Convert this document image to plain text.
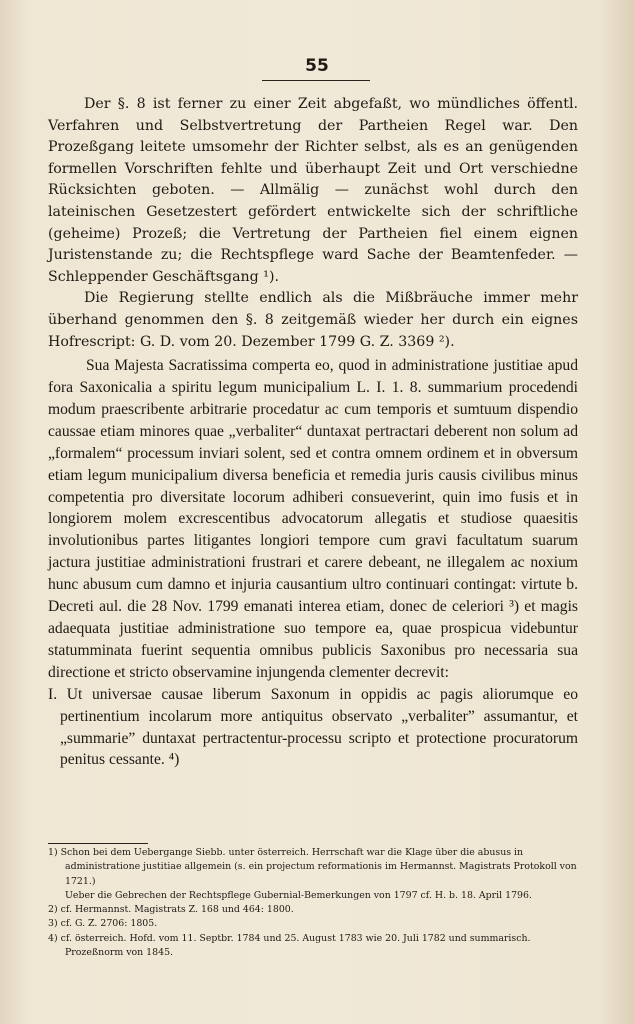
55

Der §. 8 ist ferner zu einer Zeit abgefaßt, wo mündliches öffentl. Verfahren und Selbstvertretung der Partheien Regel war. Den Prozeßgang leitete umsomehr der Richter selbst, als es an genügenden formellen Vorschriften fehlte und überhaupt Zeit und Ort verschiedne Rücksichten geboten. — Allmälig — zunächst wohl durch den lateinischen Gesetzestert gefördert entwickelte sich der schriftliche (geheime) Prozeß; die Vertretung der Partheien fiel einem eignen Juristenstande zu; die Rechtspflege ward Sache der Beamtenfeder. — Schleppender Geschäftsgang ¹).

Die Regierung stellte endlich als die Mißbräuche immer mehr überhand genommen den §. 8 zeitgemäß wieder her durch ein eignes Hofrescript: G. D. vom 20. Dezember 1799 G. Z. 3369 ²).

Sua Majesta Sacratissima comperta eo, quod in administratione justitiae apud fora Saxonicalia a spiritu legum municipalium L. I. 1. 8. summarium procedendi modum praescribente arbitrarie procedatur ac cum temporis et sumtuum dispendio caussae etiam minores quae „verbaliter“ duntaxat pertractari deberent non solum ad „formalem“ processum inviari solent, sed et contra omnem ordinem et in obversum etiam legum municipalium diversa beneficia et remedia juris causis civilibus minus competentia pro diversitate locorum adhiberi consueverint, quin imo fusis et in longiorem molem excrescentibus advocatorum allegatis et studiose quaesitis involutionibus partes litigantes longiori tempore cum gravi facultatum suarum jactura justitiae administrationi frustrari et carere debeant, ne illegalem ac noxium hunc abusum cum damno et injuria causantium ultro continuari contingat: virtute b. Decreti aul. die 28 Nov. 1799 emanati interea etiam, donec de celeriori ³) et magis adaequata justitiae administratione suo tempore ea, quae prospicua videbuntur statumminata fuerint sequentia omnibus publicis Saxonibus pro necessaria sua directione et stricto observamine injungenda clementer decrevit:

I. Ut universae causae liberum Saxonum in oppidis ac pagis aliorumque eo pertinentium incolarum more antiquitus observato „verbaliter” assumantur, et „summarie” duntaxat pertractentur-processu scripto et protectione procuratorum penitus cessante. ⁴)

1) Schon bei dem Uebergange Siebb. unter österreich. Herrschaft war die Klage über die abusus in administratione justitiae allgemein (s. ein projectum reformationis im Hermannst. Magistrats Protokoll von 1721.)

Ueber die Gebrechen der Rechtspflege Gubernial-Bemerkungen von 1797 cf. H. b. 18. April 1796.

2) cf. Hermannst. Magistrats Z. 168 und 464: 1800.

3) cf. G. Z. 2706: 1805.

4) cf. österreich. Hofd. vom 11. Septbr. 1784 und 25. August 1783 wie 20. Juli 1782 und summarisch. Prozeßnorm von 1845.
